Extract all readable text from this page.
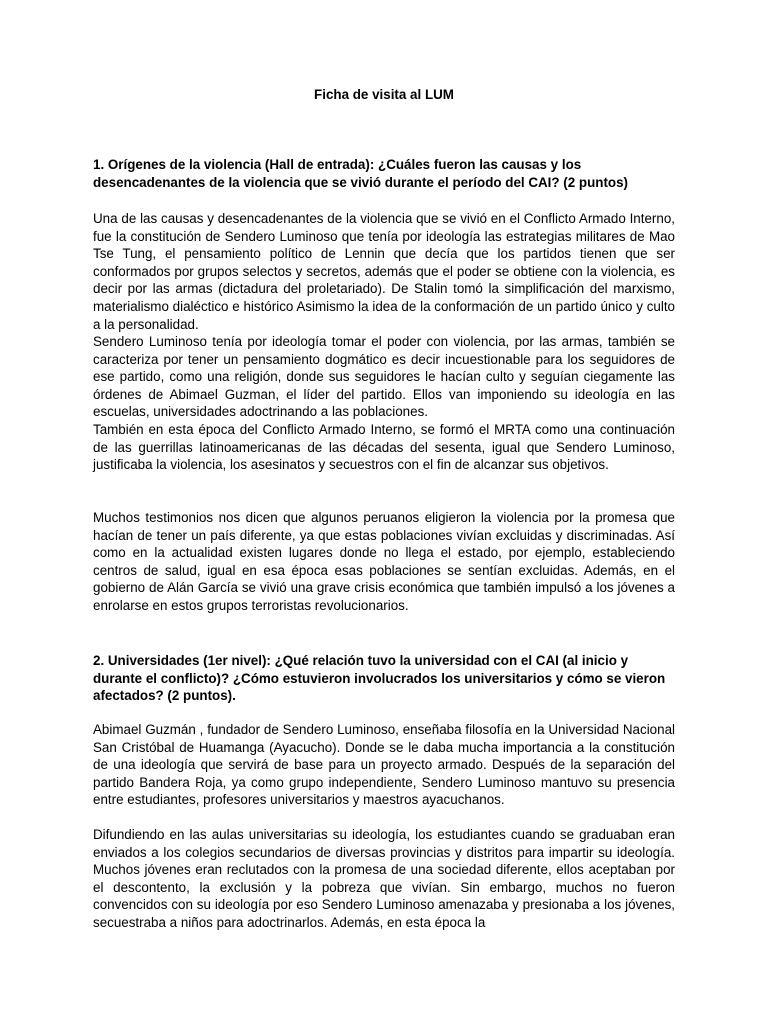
Ficha de visita al LUM
1. Orígenes de la violencia (Hall de entrada): ¿Cuáles fueron las causas y los desencadenantes de la violencia que se vivió durante el período del CAI? (2 puntos)

Una de las causas y desencadenantes de la violencia que se vivió en el Conflicto Armado Interno, fue la constitución de Sendero Luminoso que tenía por ideología las estrategias militares de Mao Tse Tung, el pensamiento político de Lennin que decía que los partidos tienen que ser conformados por grupos selectos y secretos, además que el poder se obtiene con la violencia, es decir por las armas (dictadura del proletariado). De Stalin tomó la simplificación del marxismo, materialismo dialéctico e histórico Asimismo la idea de la conformación de un partido único y culto a la personalidad.

Sendero Luminoso tenía por ideología tomar el poder con violencia, por las armas, también se caracteriza por tener un pensamiento dogmático es decir incuestionable para los seguidores de ese partido, como una religión, donde sus seguidores le hacían culto y seguían ciegamente las órdenes de Abimael Guzman, el líder del partido. Ellos van imponiendo su ideología en las escuelas, universidades adoctrinando a las poblaciones.

También en esta época del Conflicto Armado Interno, se formó el MRTA como una continuación de las guerrillas latinoamericanas de las décadas del sesenta, igual que Sendero Luminoso, justificaba la violencia, los asesinatos y secuestros con el fin de alcanzar sus objetivos.

Muchos testimonios nos dicen que algunos peruanos eligieron la violencia por la promesa que hacían de tener un país diferente, ya que estas poblaciones vivían excluidas y discriminadas. Así como en la actualidad existen lugares donde no llega el estado, por ejemplo, estableciendo centros de salud, igual en esa época esas poblaciones se sentían excluidas. Además, en el gobierno de Alán García se vivió una grave crisis económica que también impulsó a los jóvenes a enrolarse en estos grupos terroristas revolucionarios.

2. Universidades (1er nivel): ¿Qué relación tuvo la universidad con el CAI (al inicio y durante el conflicto)? ¿Cómo estuvieron involucrados los universitarios y cómo se vieron afectados? (2 puntos).

Abimael Guzmán , fundador de Sendero Luminoso, enseñaba filosofía en la Universidad Nacional San Cristóbal de Huamanga (Ayacucho). Donde se le daba mucha importancia a la constitución de una ideología que servirá de base para un proyecto armado. Después de la separación del partido Bandera Roja, ya como grupo independiente, Sendero Luminoso mantuvo su presencia entre estudiantes, profesores universitarios y maestros ayacuchanos.

Difundiendo en las aulas universitarias su ideología, los estudiantes cuando se graduaban eran enviados a los colegios secundarios de diversas provincias y distritos para impartir su ideología. Muchos jóvenes eran reclutados con la promesa de una sociedad diferente, ellos aceptaban por el descontento, la exclusión y la pobreza que vivían. Sin embargo, muchos no fueron convencidos con su ideología por eso Sendero Luminoso amenazaba y presionaba a los jóvenes, secuestraba a niños para adoctrinarlos. Además, en esta época la
